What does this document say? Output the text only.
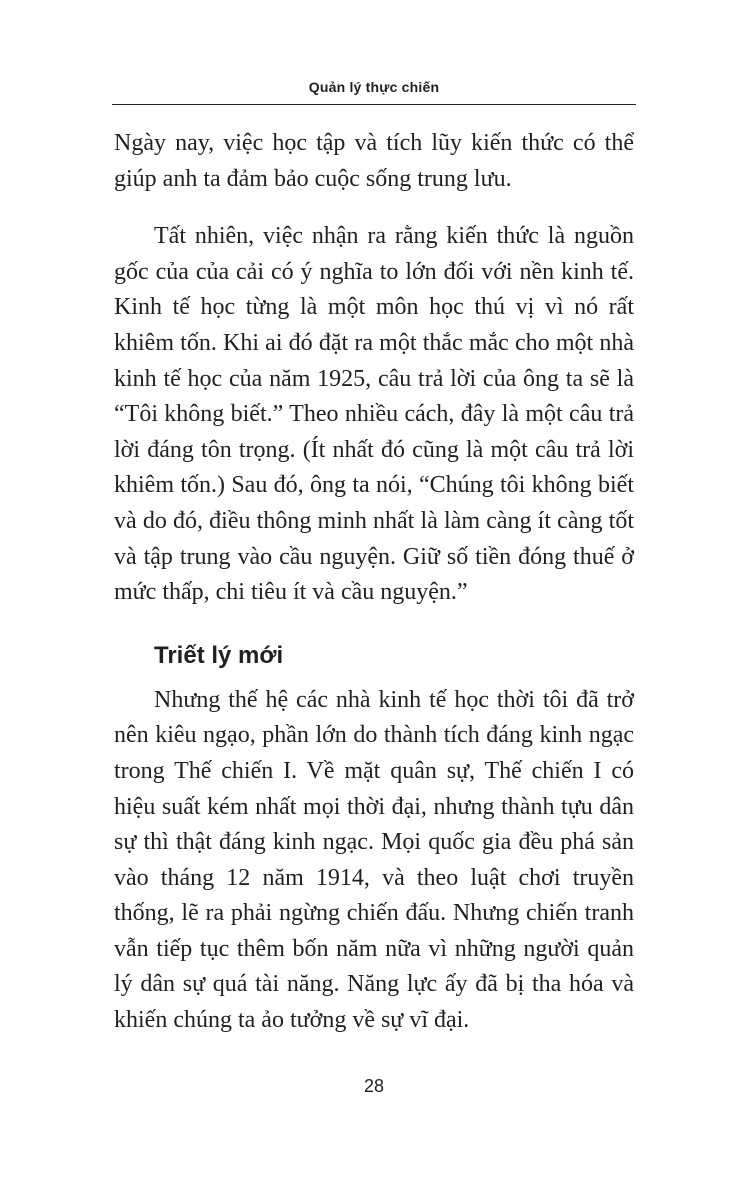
Quản lý thực chiến

Ngày nay, việc học tập và tích lũy kiến thức có thể giúp anh ta đảm bảo cuộc sống trung lưu.

Tất nhiên, việc nhận ra rằng kiến thức là nguồn gốc của của cải có ý nghĩa to lớn đối với nền kinh tế. Kinh tế học từng là một môn học thú vị vì nó rất khiêm tốn. Khi ai đó đặt ra một thắc mắc cho một nhà kinh tế học của năm 1925, câu trả lời của ông ta sẽ là “Tôi không biết.” Theo nhiều cách, đây là một câu trả lời đáng tôn trọng. (Ít nhất đó cũng là một câu trả lời khiêm tốn.) Sau đó, ông ta nói, “Chúng tôi không biết và do đó, điều thông minh nhất là làm càng ít càng tốt và tập trung vào cầu nguyện. Giữ số tiền đóng thuế ở mức thấp, chi tiêu ít và cầu nguyện.”

Triết lý mới

Nhưng thế hệ các nhà kinh tế học thời tôi đã trở nên kiêu ngạo, phần lớn do thành tích đáng kinh ngạc trong Thế chiến I. Về mặt quân sự, Thế chiến I có hiệu suất kém nhất mọi thời đại, nhưng thành tựu dân sự thì thật đáng kinh ngạc. Mọi quốc gia đều phá sản vào tháng 12 năm 1914, và theo luật chơi truyền thống, lẽ ra phải ngừng chiến đấu. Nhưng chiến tranh vẫn tiếp tục thêm bốn năm nữa vì những người quản lý dân sự quá tài năng. Năng lực ấy đã bị tha hóa và khiến chúng ta ảo tưởng về sự vĩ đại.

28
